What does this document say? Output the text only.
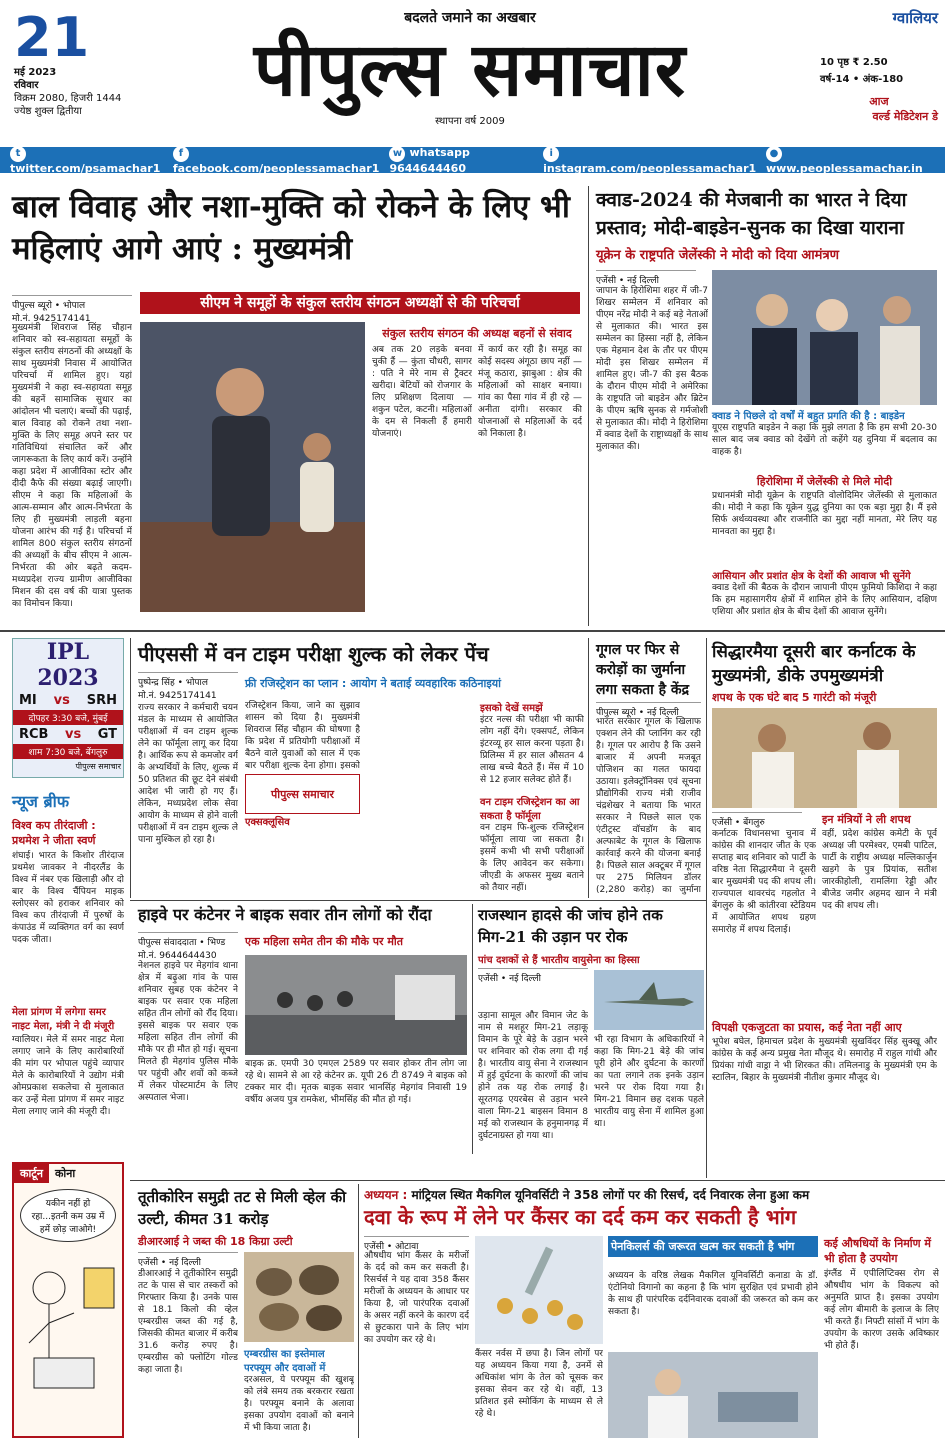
21
मई 2023
रविवार
विक्रम 2080, हिजरी 1444
ज्येष्ठ शुक्ल द्वितीया
बदलते जमाने का अखबार
पीपुल्स समाचार
स्थापना वर्ष 2009
ग्वालियर
10 पृष्ठ ₹ 2.50
वर्ष-14 • अंक-180
आज
वर्ल्ड मेडिटेशन डे
ttwitter.com/psamachar1
ffacebook.com/peoplessamachar1
w whatsapp 9644644460
iinstagram.com/peoplessamachar1
●www.peoplessamachar.in
बाल विवाह और नशा-मुक्ति को रोकने के लिए भी महिलाएं आगे आएं : मुख्यमंत्री
पीपुल्स ब्यूरो • भोपाल
मो.नं. 9425174141
सीएम ने समूहों के संकुल स्तरीय संगठन अध्यक्षों से की परिचर्चा
मुख्यमंत्री शिवराज सिंह चौहान शनिवार को स्व-सहायता समूहों के संकुल स्तरीय संगठनों की अध्यक्षों के साथ मुख्यमंत्री निवास में आयोजित परिचर्चा में शामिल हुए। यहां मुख्यमंत्री ने कहा स्व-सहायता समूह की बहनें सामाजिक सुधार का आंदोलन भी चलाएं। बच्चों की पढ़ाई, बाल विवाह को रोकने तथा नशा-मुक्ति के लिए समूह अपने स्तर पर गतिविधियां संचालित करें और जागरूकता के लिए कार्य करें। उन्होंने कहा प्रदेश में आजीविका स्टोर और दीदी कैफे की संख्या बढ़ाई जाएगी। सीएम ने कहा कि महिलाओं के आत्म-सम्मान और आत्म-निर्भरता के लिए ही मुख्यमंत्री लाड़ली बहना योजना आरंभ की गई है। परिचर्चा में शामिल 800 संकुल स्तरीय संगठनों की अध्यक्षों के बीच सीएम ने आत्म-निर्भरता की ओर बढ़ते कदम-मध्यप्रदेश राज्य ग्रामीण आजीविका मिशन की दस वर्ष की यात्रा पुस्तक का विमोचन किया।
संकुल स्तरीय संगठन की अध्यक्ष बहनों से संवाद
अब तक 20 लड़के बनवा चुकी हैं — कुंता चौधरी, सागर : पति ने मेरे नाम से ट्रैक्टर खरीदा। बेटियों को रोजगार के लिए प्रशिक्षण दिलाया — शकुन पटेल, कटनी। महिलाओं के दम से निकली हैं हमारी योजनाएं।
में कार्य कर रही है। समूह का कोई सदस्य अंगूठा छाप नहीं — मंजू कठारा, झाबुआ : क्षेत्र की महिलाओं को साक्षर बनाया। गांव का पैसा गांव में ही रहे — अनीता दांगी। सरकार की योजनाओं से महिलाओं के दर्द को निकाला है।
क्वाड-2024 की मेजबानी का भारत ने दिया प्रस्ताव; मोदी-बाइडेन-सुनक का दिखा याराना
यूक्रेन के राष्ट्रपति जेलेंस्की ने मोदी को दिया आमंत्रण
एजेंसी • नई दिल्ली
जापान के हिरोशिमा शहर में जी-7 शिखर सम्मेलन में शनिवार को पीएम नरेंद्र मोदी ने कई बड़े नेताओं से मुलाकात की। भारत इस सम्मेलन का हिस्सा नहीं है, लेकिन एक मेहमान देश के तौर पर पीएम मोदी इस शिखर सम्मेलन में शामिल हुए। जी-7 की इस बैठक के दौरान पीएम मोदी ने अमेरिका के राष्ट्रपति जो बाइडेन और ब्रिटेन के पीएम ऋषि सुनक से गर्मजोशी से मुलाकात की। मोदी ने हिरोशिमा में क्वाड देशों के राष्ट्राध्यक्षों के साथ मुलाकात की।
क्वाड ने पिछले दो वर्षों में बहुत प्रगति की है : बाइडेन
यूएस राष्ट्रपति बाइडेन ने कहा कि मुझे लगता है कि हम सभी 20-30 साल बाद जब क्वाड को देखेंगे तो कहेंगे यह दुनिया में बदलाव का वाहक है।
हिरोशिमा में जेलेंस्की से मिले मोदी
प्रधानमंत्री मोदी यूक्रेन के राष्ट्रपति वोलोदिमिर जेलेंस्की से मुलाकात की। मोदी ने कहा कि यूक्रेन युद्ध दुनिया का एक बड़ा मुद्दा है। मैं इसे सिर्फ अर्थव्यवस्था और राजनीति का मुद्दा नहीं मानता, मेरे लिए यह मानवता का मुद्दा है।
आसियान और प्रशांत क्षेत्र के देशों की आवाज भी सुनेंगे
क्वाड देशों की बैठक के दौरान जापानी पीएम फुमियो किशिदा ने कहा कि हम महासागरीय क्षेत्रों में शामिल होने के लिए आसियान, दक्षिण एशिया और प्रशांत क्षेत्र के बीच देशों की आवाज सुनेंगे।
IPL 2023
MI vs SRH
दोपहर 3:30 बजे, मुंबई
RCB vs GT
शाम 7:30 बजे, बेंगलुरु
पीपुल्स समाचार
न्यूज ब्रीफ
विश्व कप तीरंदाजी : प्रथमेश ने जीता स्वर्ण
शंघाई। भारत के किशोर तीरंदाज प्रथमेश जावकर ने नीदरलैंड के विश्व में नंबर एक खिलाड़ी और दो बार के विश्व चैंपियन माइक स्लोएसर को हराकर शनिवार को विश्व कप तीरंदाजी में पुरुषों के कंपाउंड में व्यक्तिगत वर्ग का स्वर्ण पदक जीता।
मेला प्रांगण में लगेगा समर नाइट मेला, मंत्री ने दी मंजूरी
ग्वालियर। मेले में समर नाइट मेला लगाए जाने के लिए कारोबारियों की मांग पर भोपाल पहुंचे व्यापार मेले के कारोबारियों ने उद्योग मंत्री ओमप्रकाश सकलेचा से मुलाकात कर उन्हें मेला प्रांगण में समर नाइट मेला लगाए जाने की मंजूरी दी।
कार्टून	कोना
यकीन नहीं हो रहा...इतनी कम उम्र में हमें छोड़ जाओगे!
पीएससी में वन टाइम परीक्षा शुल्क को लेकर पेंच
पुष्पेन्द्र सिंह • भोपाल
मो.नं. 9425174141
फ्री रजिस्ट्रेशन का प्लान : आयोग ने बताई व्यवहारिक कठिनाइयां
राज्य सरकार ने कर्मचारी चयन मंडल के माध्यम से आयोजित परीक्षाओं में वन टाइम शुल्क लेने का फॉर्मूला लागू कर दिया है। आर्थिक रूप से कमजोर वर्ग के अभ्यर्थियों के लिए, शुल्क में 50 प्रतिशत की छूट देने संबंधी आदेश भी जारी हो गए हैं। लेकिन, मध्यप्रदेश लोक सेवा आयोग के माध्यम से होने वाली परीक्षाओं में वन टाइम शुल्क ले पाना मुश्किल हो रहा है।
रजिस्ट्रेशन किया, जाने का सुझाव शासन को दिया है। मुख्यमंत्री शिवराज सिंह चौहान की घोषणा है कि प्रदेश में प्रतियोगी परीक्षाओं में बैठने वाले युवाओं को साल में एक बार परीक्षा शुल्क देना होगा। इसको
पीपुल्स समाचार
एक्सक्लूसिव
इसको देखें समझें
इंटर नल्स की परीक्षा भी काफी लोग नहीं देंगे। एक्सपर्ट, लेकिन इंटरव्यू हर साल करना पड़ता है। प्रिलिम्स में हर साल औसतन 4 लाख बच्चे बैठते हैं। मेंस में 10 से 12 हजार सलेक्ट होते हैं।
वन टाइम रजिस्ट्रेशन का आ सकता है फॉर्मूला
वन टाइम फि-शुल्क रजिस्ट्रेशन फॉर्मूला लाया जा सकता है। इसमें कभी भी सभी परीक्षाओं के लिए आवेदन कर सकेगा। जीएडी के अफसर मुख्य बताने को तैयार नहीं।
गूगल पर फिर से करोड़ों का जुर्माना लगा सकता है केंद्र
पीपुल्स ब्यूरो • नई दिल्ली
भारत सरकार गूगल के खिलाफ एक्शन लेने की प्लानिंग कर रही है। गूगल पर आरोप है कि उसने बाजार में अपनी मजबूत पोजिशन का गलत फायदा उठाया। इलेक्ट्रॉनिक्स एवं सूचना प्रौद्योगिकी राज्य मंत्री राजीव चंद्रशेखर ने बताया कि भारत सरकार ने पिछले साल एक एंटीट्रस्ट वॉचडॉग के बाद अल्फाबेट के गूगल के खिलाफ कार्रवाई करने की योजना बनाई है। पिछले साल अक्टूबर में गूगल पर 275 मिलियन डॉलर (2,280 करोड़) का जुर्माना
सिद्धारमैया दूसरी बार कर्नाटक के मुख्यमंत्री, डीके उपमुख्यमंत्री
शपथ के एक घंटे बाद 5 गारंटी को मंजूरी
एजेंसी • बेंगलुरु	इन मंत्रियों ने ली शपथ
वहीं, प्रदेश कांग्रेस कमेटी के पूर्व अध्यक्ष जी परमेश्वर, एमबी पाटिल, पार्टी के राष्ट्रीय अध्यक्ष मल्लिकार्जुन खड़गे के पुत्र प्रियांक, सतीश जारकीहोली, रामलिंगा रेड्डी और बीजेड जमीर अहमद खान ने मंत्री पद की शपथ ली।
कर्नाटक विधानसभा चुनाव में कांग्रेस की शानदार जीत के एक सप्ताह बाद शनिवार को पार्टी के वरिष्ठ नेता सिद्धारमैया ने दूसरी बार मुख्यमंत्री पद की शपथ ली। राज्यपाल थावरचंद गहलोत ने बेंगलुरु के श्री कांतीरवा स्टेडियम में आयोजित शपथ ग्रहण समारोह में शपथ दिलाई।
विपक्षी एकजुटता का प्रयास, कई नेता नहीं आए
भूपेश बघेल, हिमाचल प्रदेश के मुख्यमंत्री सुखविंदर सिंह सुक्खू और कांग्रेस के कई अन्य प्रमुख नेता मौजूद थे। समारोह में राहुल गांधी और प्रियंका गांधी वाड्रा ने भी शिरकत की। तमिलनाडु के मुख्यमंत्री एम के स्टालिन, बिहार के मुख्यमंत्री नीतीश कुमार मौजूद थे।
हाइवे पर कंटेनर ने बाइक सवार तीन लोगों को रौंदा
पीपुल्स संवाददाता • भिण्ड
मो.नं. 9644644430
एक महिला समेत तीन की मौके पर मौत
नेशनल हाइवे पर मेहगांव थाना क्षेत्र में बढ़ुआ गांव के पास शनिवार सुबह एक कंटेनर ने बाइक पर सवार एक महिला सहित तीन लोगों को रौंद दिया। इससे बाइक पर सवार एक महिला सहित तीन लोगों की मौके पर ही मौत हो गई। सूचना मिलते ही मेहगांव पुलिस मौके पर पहुंची और शवों को कब्जे में लेकर पोस्टमार्टम के लिए अस्पताल भेजा।
बाइक क्र. एमपी 30 एमएल 2589 पर सवार होकर तीन लोग जा रहे थे। सामने से आ रहे कंटेनर क्र. यूपी 26 टी 8749 ने बाइक को टक्कर मार दी। मृतक बाइक सवार भानसिंह मेहगांव निवासी 19 वर्षीय अजय पुत्र रामकेश, भीमसिंह की मौत हो गई।
राजस्थान हादसे की जांच होने तक मिग-21 की उड़ान पर रोक
पांच दशकों से हैं भारतीय वायुसेना का हिस्सा
एजेंसी • नई दिल्ली
उड़ाना सामूल और विमान जेट के नाम से मशहूर मिग-21 लड़ाकू विमान के पूरे बेड़े के उड़ान भरने पर शनिवार को रोक लगा दी गई है। भारतीय वायु सेना ने राजस्थान में हुई दुर्घटना के कारणों की जांच होने तक यह रोक लगाई है। सूरतगढ़ एयरबेस से उड़ान भरने वाला मिग-21 बाइसन विमान 8 मई को राजस्थान के हनुमानगढ़ में दुर्घटनाग्रस्त हो गया था।
भी रहा विभाग के अधिकारियों ने कहा कि मिग-21 बेड़े की जांच पूरी होने और दुर्घटना के कारणों का पता लगाने तक इनके उड़ान भरने पर रोक दिया गया है। मिग-21 विमान छह दशक पहले भारतीय वायु सेना में शामिल हुआ था।
तूतीकोरिन समुद्री तट से मिली व्हेल की उल्टी, कीमत 31 करोड़
डीआरआई ने जब्त की 18 किग्रा उल्टी
एजेंसी • नई दिल्ली
डीआरआई ने तूतीकोरिन समुद्री तट के पास से चार तस्करों को गिरफ्तार किया है। उनके पास से 18.1 किलो की व्हेल एम्बरग्रीस जब्त की गई है, जिसकी कीमत बाजार में करीब 31.6 करोड़ रुपए है। एम्बरग्रीस को फ्लोटिंग गोल्ड कहा जाता है।
एम्बरग्रीस का इस्तेमाल परफ्यूम और दवाओं में
दरअसल, ये परफ्यूम की खुशबू को लंबे समय तक बरकरार रखता है। परफ्यूम बनाने के अलावा इसका उपयोग दवाओं को बनाने में भी किया जाता है।
अध्ययन : मांट्रियल स्थित मैकगिल यूनिवर्सिटी ने 358 लोगों पर की रिसर्च, दर्द निवारक लेना हुआ कम
दवा के रूप में लेने पर कैंसर का दर्द कम कर सकती है भांग
एजेंसी • ओटावा
औषधीय भांग कैंसर के मरीजों के दर्द को कम कर सकती है। रिसर्चर्स ने यह दावा 358 कैंसर मरीजों के अध्ययन के आधार पर किया है, जो पारंपरिक दवाओं के असर नहीं करने के कारण दर्द से छुटकारा पाने के लिए भांग का उपयोग कर रहे थे।
कैंसर नर्वस में छपा है। जिन लोगों पर यह अध्ययन किया गया है, उनमें से अधिकांश भांग के तेल को चूसक कर इसका सेवन कर रहे थे। वहीं, 13 प्रतिशत इसे स्मोकिंग के माध्यम से ले रहे थे।
पेनकिलर्स की जरूरत खत्म कर सकती है भांग
अध्ययन के वरिष्ठ लेखक मैकगिल यूनिवर्सिटी कनाडा के डॉ. एंटोनियो विगानो का कहना है कि भांग सुरक्षित एवं प्रभावी होने के साथ ही पारंपरिक दर्दनिवारक दवाओं की जरूरत को कम कर सकता है।
कई औषधियों के निर्माण में भी होता है उपयोग
इंग्लैंड में एपीलिप्टिक्स रोग से औषधीय भांग के विकल्प को अनुमति प्राप्त है। इसका उपयोग कई लोग बीमारी के इलाज के लिए भी करते हैं। निफ्टी सांसों में भांग के उपयोग के कारण उसके अविष्कार भी होते हैं।
